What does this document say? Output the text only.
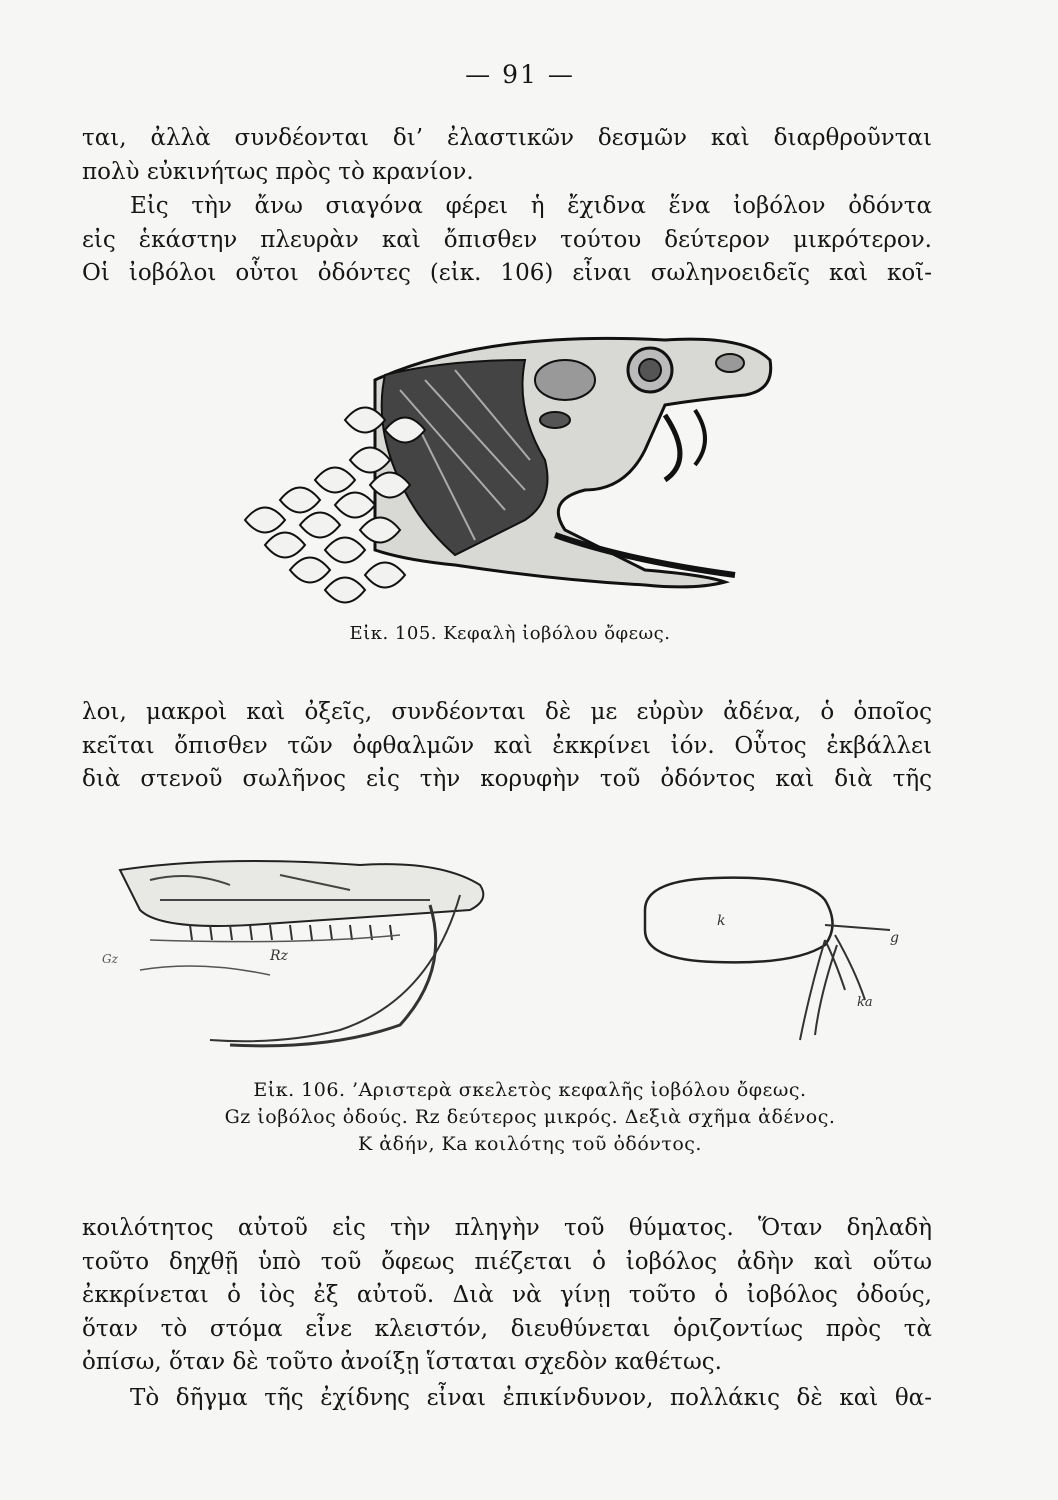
— 91 —
ται, ἀλλὰ συνδέονται δι’ ἐλαστικῶν δεσμῶν καὶ διαρθροῦνται
πολὺ εὐκινήτως πρὸς τὸ κρανίον.
Εἰς τὴν ἄνω σιαγόνα φέρει ἡ ἔχιδνα ἕνα ἰοβόλον ὀδόντα
εἰς ἑκάστην πλευρὰν καὶ ὄπισθεν τούτου δεύτερον μικρότερον.
Οἱ ἰοβόλοι οὗτοι ὀδόντες (εἰκ. 106) εἶναι σωληνοειδεῖς καὶ κοῖ-
Εἰκ. 105. Κεφαλὴ ἰοβόλου ὄφεως.
λοι, μακροὶ καὶ ὀξεῖς, συνδέονται δὲ με εὐρὺν ἀδένα, ὁ ὁποῖος
κεῖται ὄπισθεν τῶν ὀφθαλμῶν καὶ ἐκκρίνει ἰόν. Οὗτος ἐκβάλλει
διὰ στενοῦ σωλῆνος εἰς τὴν κορυφὴν τοῦ ὀδόντος καὶ διὰ τῆς
Rz
Gz
k
g
ka
Εἰκ. 106. ’Αριστερὰ σκελετὸς κεφαλῆς ἰοβόλου ὄφεως.
Gz ἰοβόλος ὀδούς. Rz δεύτερος μικρός. Δεξιὰ σχῆμα ἀδένος.
K ἀδήν, Ka κοιλότης τοῦ ὀδόντος.
κοιλότητος αὐτοῦ εἰς τὴν πληγὴν τοῦ θύματος. Ὅταν δηλαδὴ
τοῦτο δηχθῇ ὑπὸ τοῦ ὄφεως πιέζεται ὁ ἰοβόλος ἀδὴν καὶ οὕτω
ἐκκρίνεται ὁ ἰὸς ἐξ αὐτοῦ. Διὰ νὰ γίνῃ τοῦτο ὁ ἰοβόλος ὀδούς,
ὅταν τὸ στόμα εἶνε κλειστόν, διευθύνεται ὁριζοντίως πρὸς τὰ
ὀπίσω, ὅταν δὲ τοῦτο ἀνοίξῃ ἵσταται σχεδὸν καθέτως.
Τὸ δῆγμα τῆς ἐχίδνης εἶναι ἐπικίνδυνον, πολλάκις δὲ καὶ θα-
